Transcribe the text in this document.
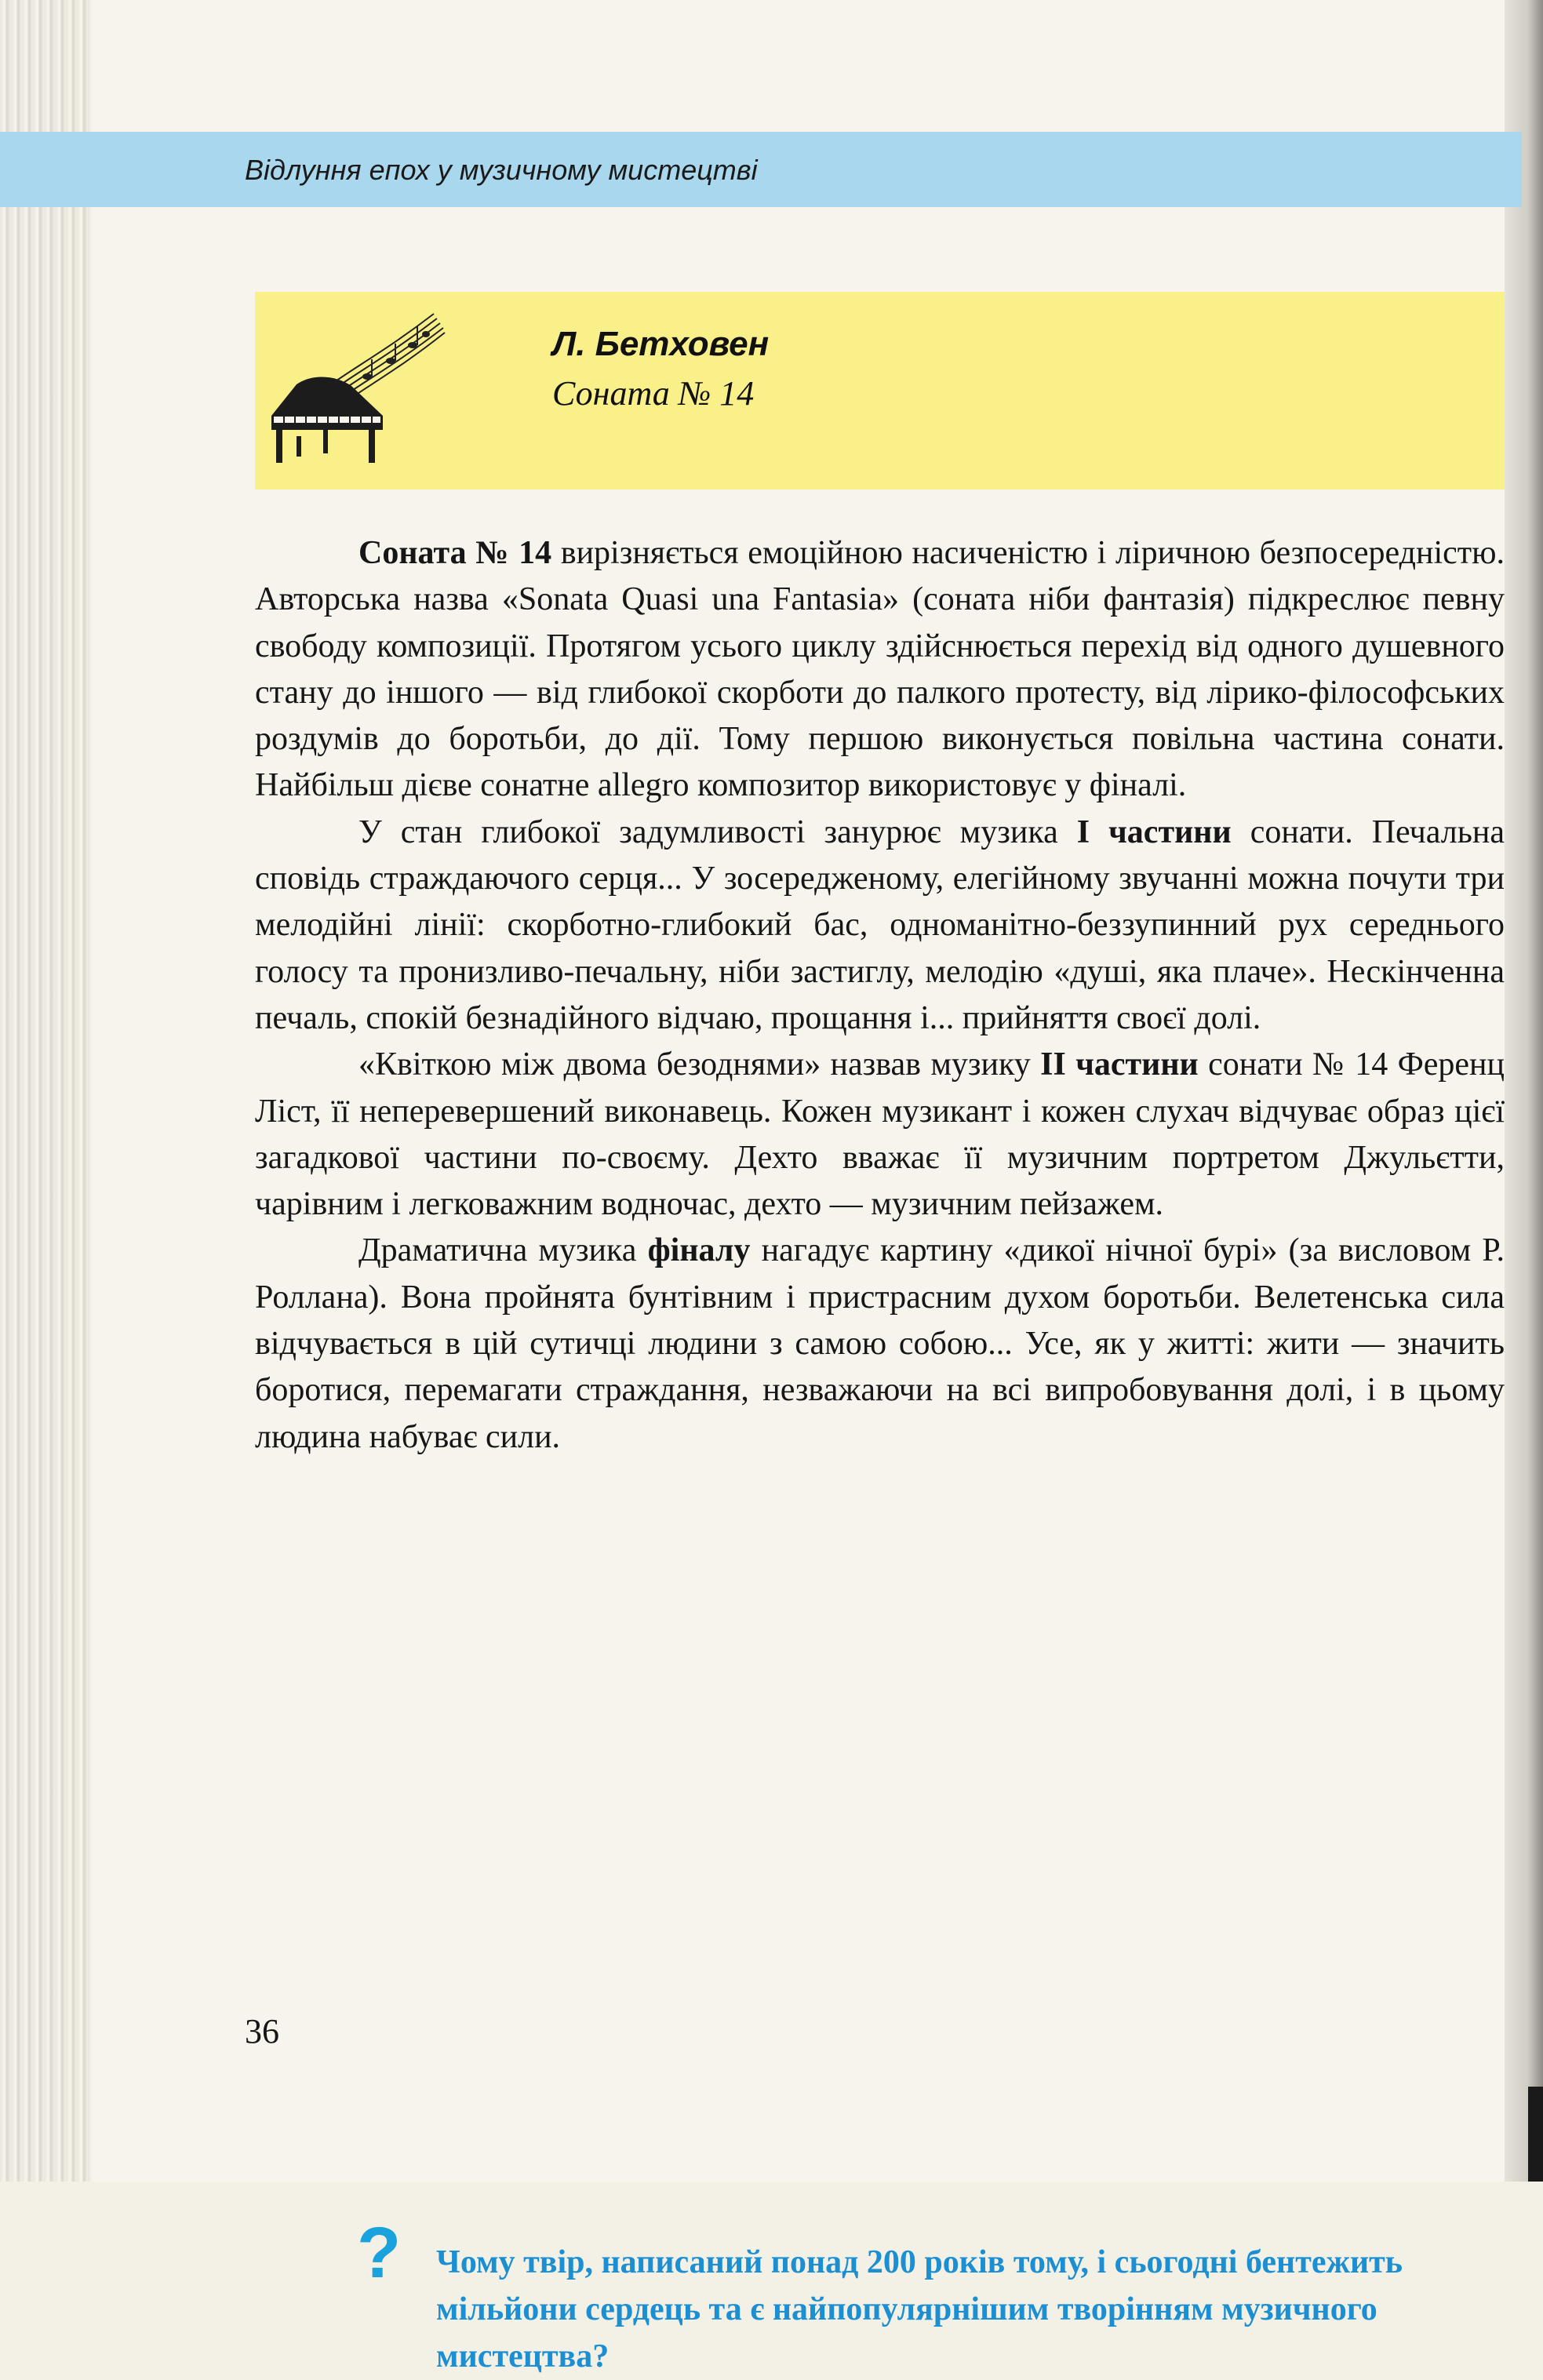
Відлуння епох у музичному мистецтві
Л. Бетховен
Соната № 14

Соната № 14 вирізняється емоційною насиченістю і ліричною безпосередністю. Авторська назва «Sonata Quasi una Fantasia» (соната ніби фантазія) підкреслює певну свободу композиції. Протягом усього циклу здійснюється перехід від одного душевного стану до іншого — від глибокої скорботи до палкого протесту, від лірико-філософських роздумів до боротьби, до дії. Тому першою виконується повільна частина сонати. Найбільш дієве сонатне allegro композитор використовує у фіналі.

У стан глибокої задумливості занурює музика I частини сонати. Печальна сповідь страждаючого серця... У зосередженому, елегійному звучанні можна почути три мелодійні лінії: скорботно-глибокий бас, одноманітно-беззупинний рух середнього голосу та пронизливо-печальну, ніби застиглу, мелодію «душі, яка плаче». Нескінченна печаль, спокій безнадійного відчаю, прощання і... прийняття своєї долі.

«Квіткою між двома безоднями» назвав музику II частини сонати № 14 Ференц Ліст, її неперевершений виконавець. Кожен музикант і кожен слухач відчуває образ цієї загадкової частини по-своєму. Дехто вважає її музичним портретом Джульєтти, чарівним і легковажним водночас, дехто — музичним пейзажем.

Драматична музика фіналу нагадує картину «дикої нічної бурі» (за висловом Р. Роллана). Вона пройнята бунтівним і пристрасним духом боротьби. Велетенська сила відчувається в цій сутичці людини з самою собою... Усе, як у житті: жити — значить боротися, перемагати страждання, незважаючи на всі випробовування долі, і в цьому людина набуває сили.

? Чому твір, написаний понад 200 років тому, і сьогодні бентежить мільйони сердець та є найпопулярнішим творінням музичного мистецтва?
36
